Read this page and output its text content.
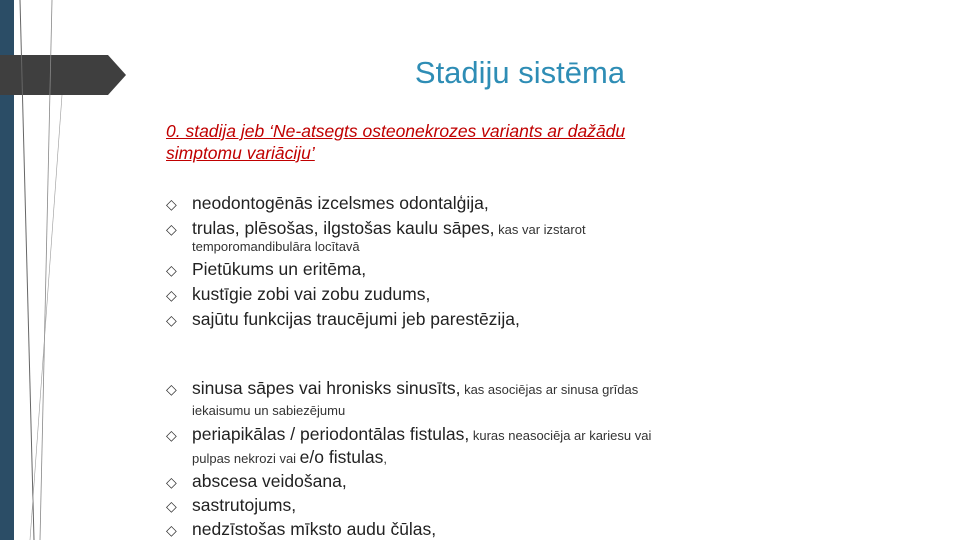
Stadiju sistēma
0. stadija jeb ‘Ne-atsegts osteonekrozes variants ar dažādu
simptomu variāciju’
◇ neodontogēnās izcelsmes odontalģija,
◇ trulas, plēsošas, ilgstošas kaulu sāpes, kas var izstarot
temporomandibulāra locītavā
◇ Pietūkums un eritēma,
◇ kustīgie zobi vai zobu zudums,
◇ sajūtu funkcijas traucējumi jeb parestēzija,
◇ sinusa sāpes vai hronisks sinusīts, kas asociējas ar sinusa grīdas
iekaisumu un sabiezējumu
◇ periapikālas / periodontālas fistulas, kuras neasociēja ar kariesu vai
pulpas nekrozi vai e/o fistulas,
◇ abscesa veidošana,
◇ sastrutojums,
◇ nedzīstošas mīksto audu čūlas,
